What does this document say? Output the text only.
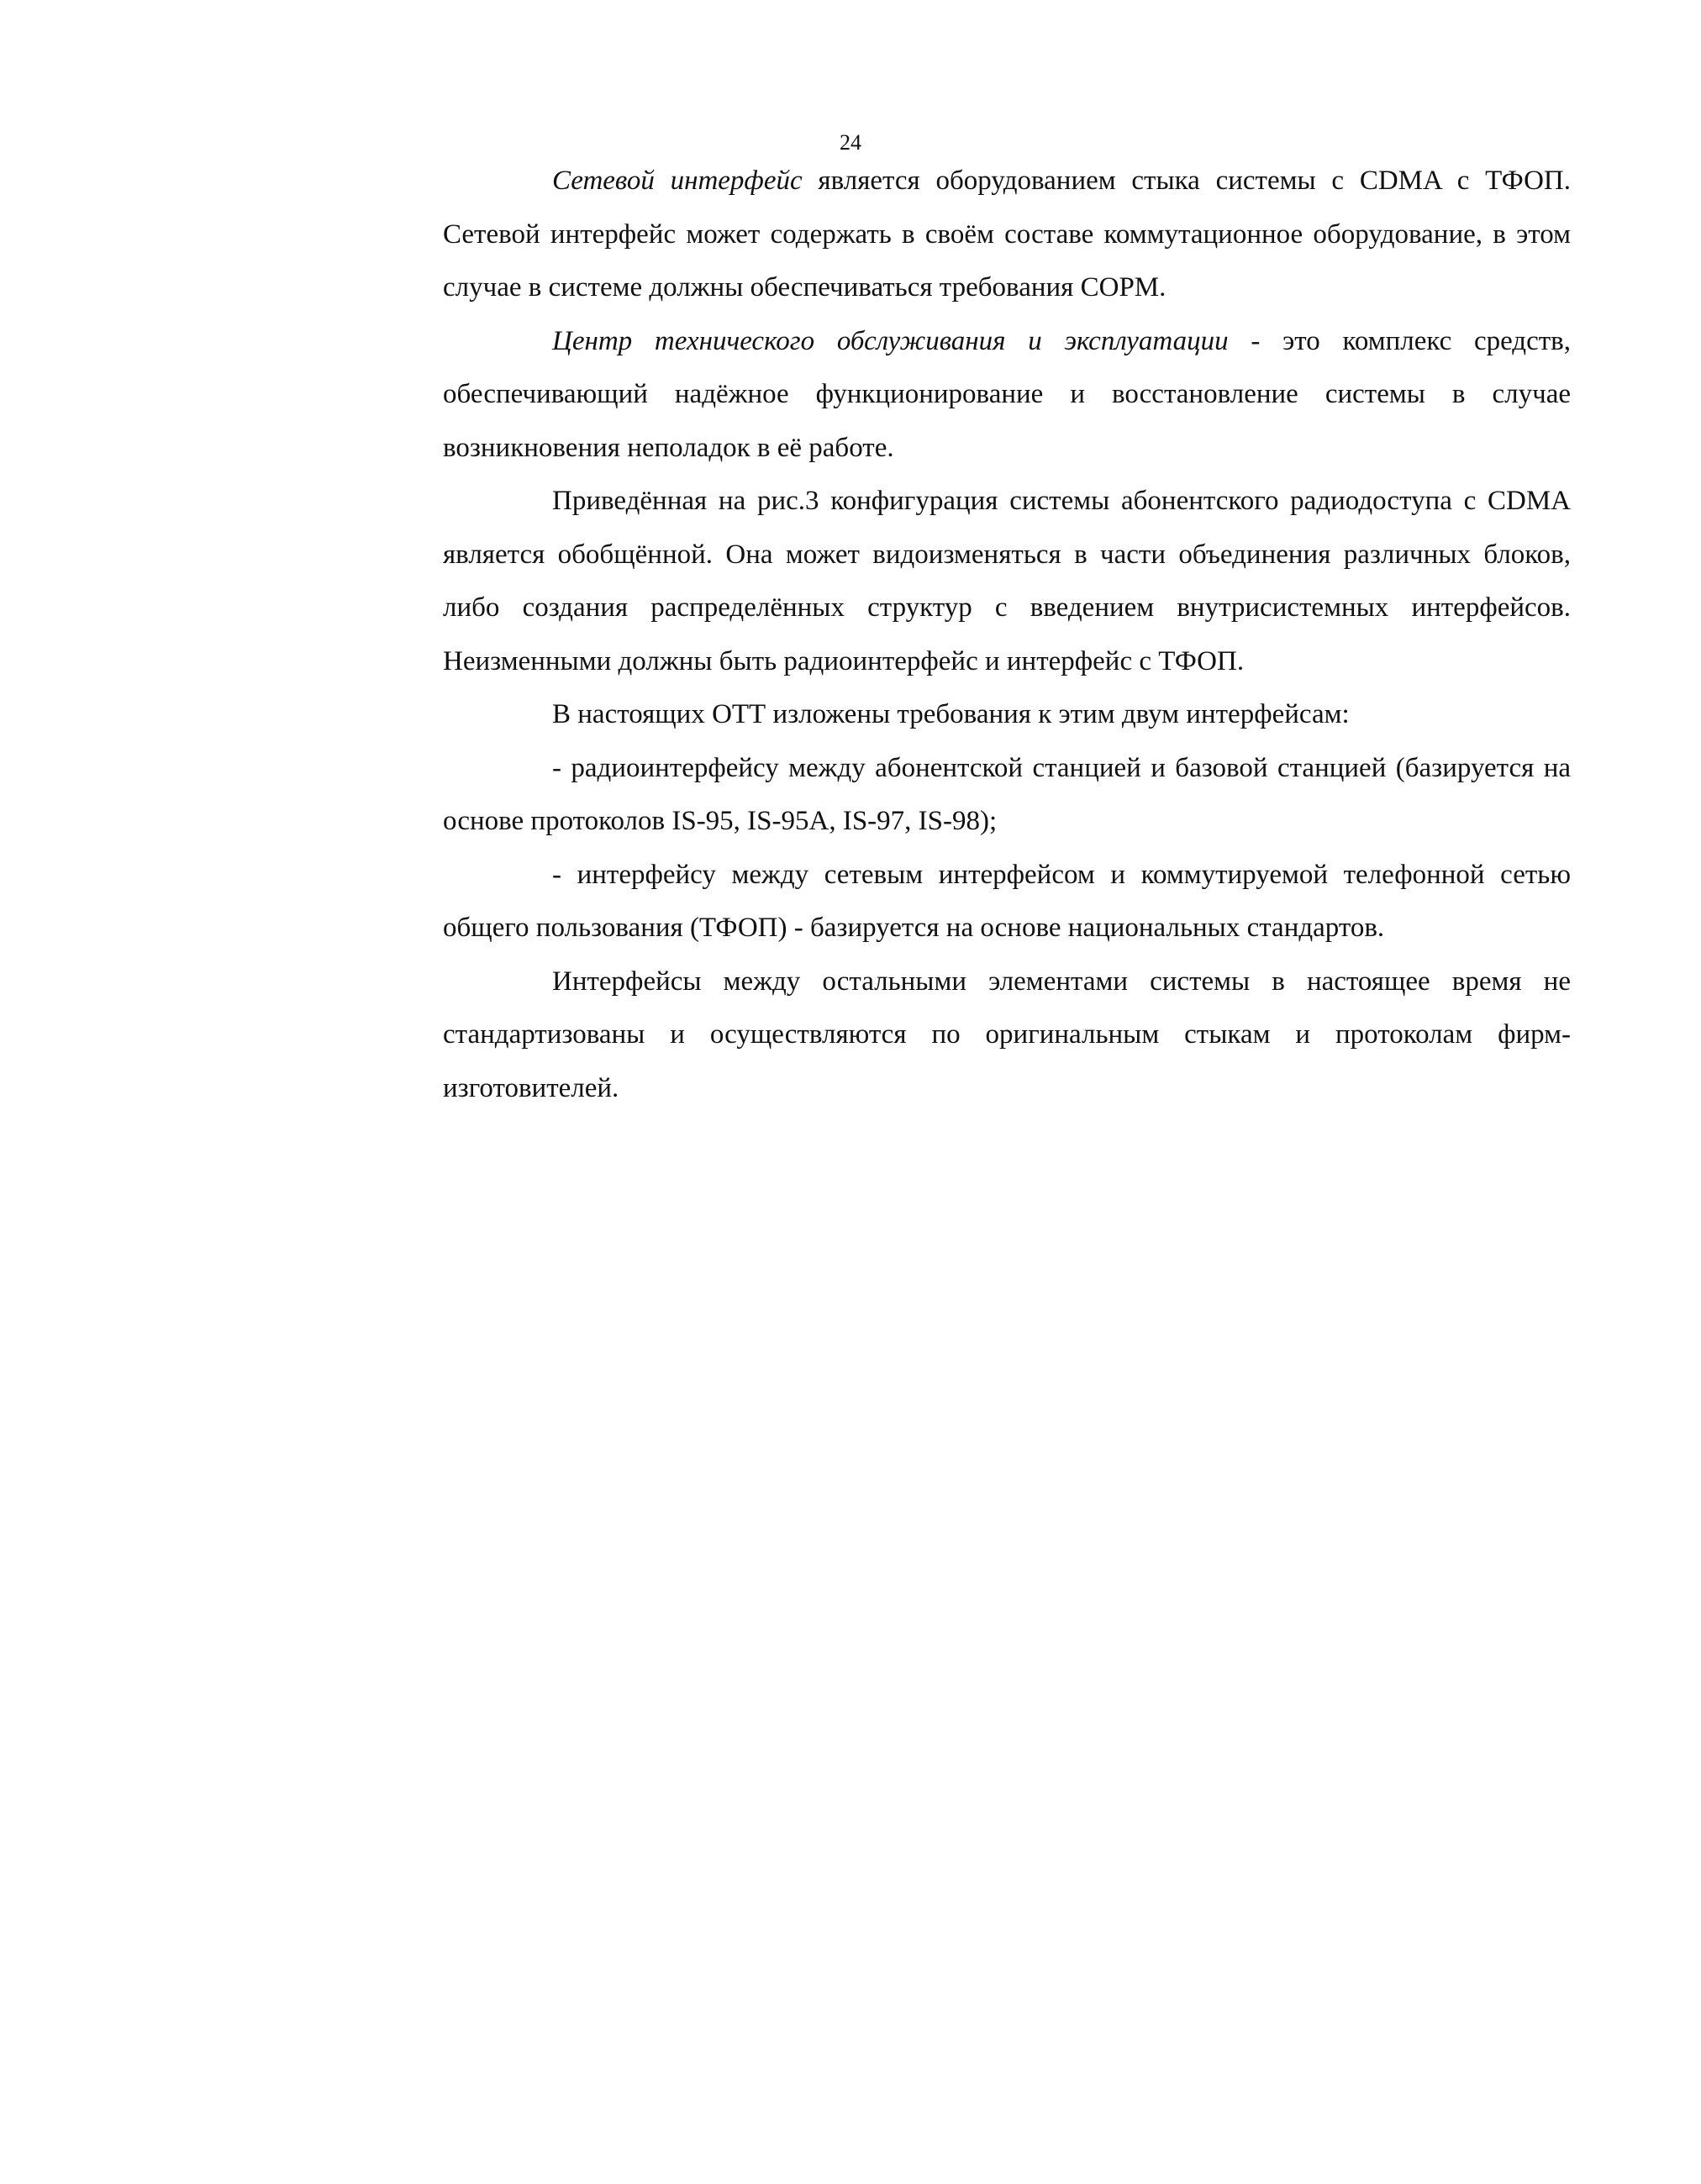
24

Сетевой интерфейс является оборудованием стыка системы с CDMA с ТФОП. Сетевой интерфейс может содержать в своём составе коммутационное оборудование, в этом случае в системе должны обеспечиваться требования СОРМ.

Центр технического обслуживания и эксплуатации - это комплекс средств, обеспечивающий надёжное функционирование и восстановление системы в случае возникновения неполадок в её работе.

Приведённая на рис.3 конфигурация системы абонентского радиодоступа с CDMA является обобщённой. Она может видоизменяться в части объединения различных блоков, либо создания распределённых структур с введением внутрисистемных интерфейсов. Неизменными должны быть радиоинтерфейс и интерфейс с ТФОП.

В настоящих ОТТ изложены требования к этим двум интерфейсам:

- радиоинтерфейсу между абонентской станцией и базовой станцией (базируется на основе протоколов IS-95, IS-95A, IS-97, IS-98);

- интерфейсу между сетевым интерфейсом и коммутируемой телефонной сетью общего пользования (ТФОП) - базируется на основе национальных стандартов.

Интерфейсы между остальными элементами системы в настоящее время не стандартизованы и осуществляются по оригинальным стыкам и протоколам фирм-изготовителей.
